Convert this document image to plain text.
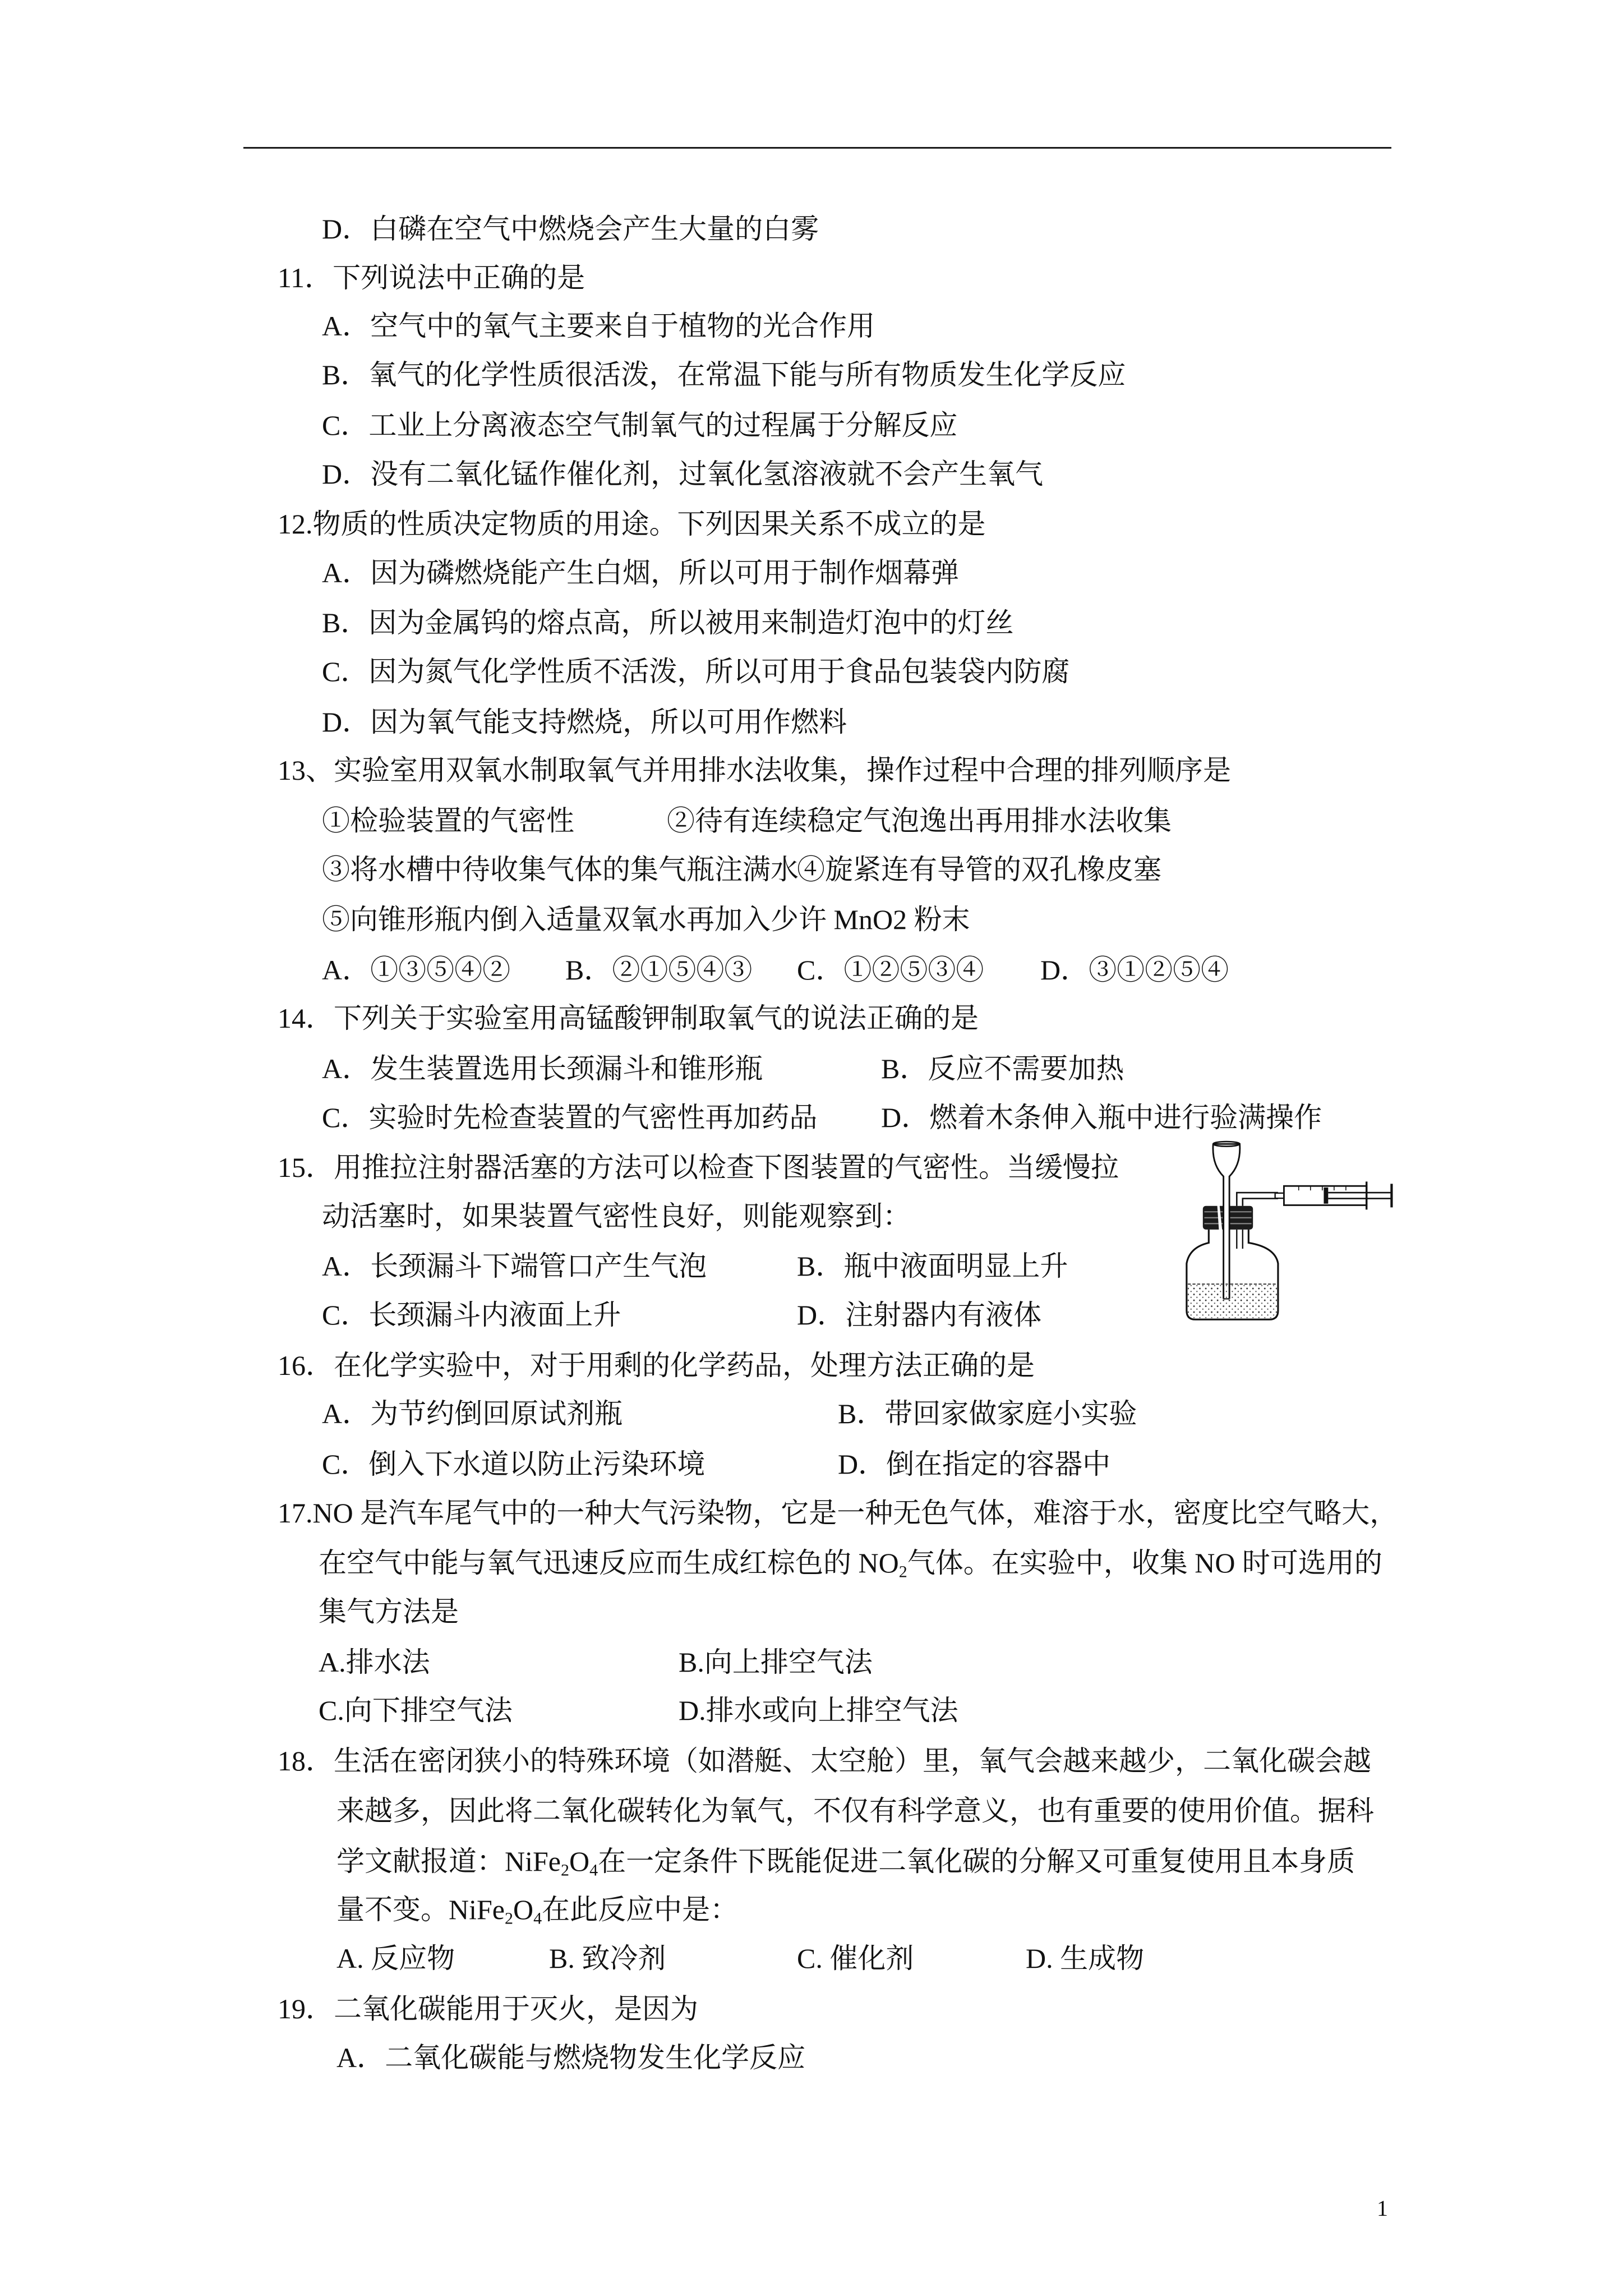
D．白磷在空气中燃烧会产生大量的白雾
11．下列说法中正确的是
A．空气中的氧气主要来自于植物的光合作用
B．氧气的化学性质很活泼，在常温下能与所有物质发生化学反应
C．工业上分离液态空气制氧气的过程属于分解反应
D．没有二氧化锰作催化剂，过氧化氢溶液就不会产生氧气
12.物质的性质决定物质的用途。下列因果关系不成立的是
A．因为磷燃烧能产生白烟，所以可用于制作烟幕弹
B．因为金属钨的熔点高，所以被用来制造灯泡中的灯丝
C．因为氮气化学性质不活泼，所以可用于食品包装袋内防腐
D．因为氧气能支持燃烧，所以可用作燃料
13、实验室用双氧水制取氧气并用排水法收集，操作过程中合理的排列顺序是
①检验装置的气密性	②待有连续稳定气泡逸出再用排水法收集
③将水槽中待收集气体的集气瓶注满水
④旋紧连有导管的双孔橡皮塞
⑤向锥形瓶内倒入适量双氧水再加入少许 MnO2 粉末
A．①③⑤④② B．②①⑤④③ C．①②⑤③④ D．③①②⑤④
14．下列关于实验室用高锰酸钾制取氧气的说法正确的是
A．发生装置选用长颈漏斗和锥形瓶	B．反应不需要加热
C．实验时先检查装置的气密性再加药品 D．燃着木条伸入瓶中进行验满操作
15．用推拉注射器活塞的方法可以检查下图装置的气密性。当缓慢拉
动活塞时，如果装置气密性良好，则能观察到：
A．长颈漏斗下端管口产生气泡	B．瓶中液面明显上升
C．长颈漏斗内液面上升	D．注射器内有液体
16．在化学实验中，对于用剩的化学药品，处理方法正确的是
A．为节约倒回原试剂瓶	B．带回家做家庭小实验
C．倒入下水道以防止污染环境	D．倒在指定的容器中
17.NO 是汽车尾气中的一种大气污染物，它是一种无色气体，难溶于水，密度比空气略大，
在空气中能与氧气迅速反应而生成红棕色的 $NO_2$气体。在实验中，收集 NO 时可选用的
集气方法是
A.排水法	B.向上排空气法
C.向下排空气法	D.排水或向上排空气法
18．生活在密闭狭小的特殊环境（如潜艇、太空舱）里，氧气会越来越少，二氧化碳会越
来越多，因此将二氧化碳转化为氧气，不仅有科学意义，也有重要的使用价值。据科
学文献报道：$NiFe_2O_4$在一定条件下既能促进二氧化碳的分解又可重复使用且本身质
量不变。$NiFe_2O_4$在此反应中是：
A. 反应物	B. 致冷剂	C. 催化剂	D. 生成物
19．二氧化碳能用于灭火，是因为
A．二氧化碳能与燃烧物发生化学反应
1
